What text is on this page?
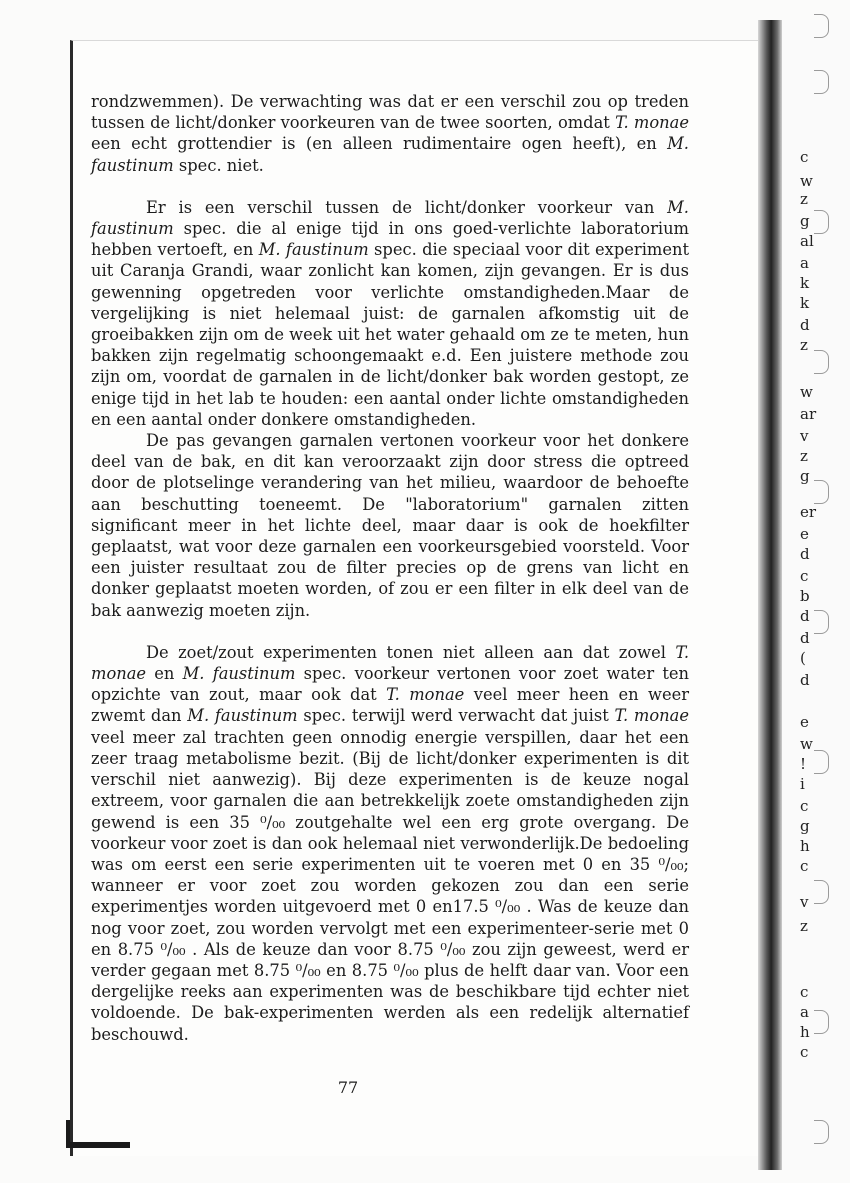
c
w
z
g
al
a
k
k
d
z
w
ar
v
z
g
er
e
d
c
b
d
d
(
d
e
w
!
i
c
g
h
c
v
z
c
a
h
c

rondzwemmen). De verwachting was dat er een verschil zou op treden tussen de licht/donker voorkeuren van de twee soorten, omdat T. monae een echt grottendier is (en alleen rudimentaire ogen heeft), en M. faustinum spec. niet.

Er is een verschil tussen de licht/donker voorkeur van M. faustinum spec. die al enige tijd in ons goed-verlichte laboratorium hebben vertoeft, en M. faustinum spec. die speciaal voor dit experiment uit Caranja Grandi, waar zonlicht kan komen, zijn gevangen. Er is dus gewenning opgetreden voor verlichte omstandigheden.Maar de vergelijking is niet helemaal juist: de garnalen afkomstig uit de groeibakken zijn om de week uit het water gehaald om ze te meten, hun bakken zijn regelmatig schoongemaakt e.d. Een juistere methode zou zijn om, voordat de garnalen in de licht/donker bak worden gestopt, ze enige tijd in het lab te houden: een aantal onder lichte omstandigheden en een aantal onder donkere omstandigheden.

De pas gevangen garnalen vertonen voorkeur voor het donkere deel van de bak, en dit kan veroorzaakt zijn door stress die optreed door de plotselinge verandering van het milieu, waardoor de behoefte aan beschutting toeneemt. De "laboratorium" garnalen zitten significant meer in het lichte deel, maar daar is ook de hoekfilter geplaatst, wat voor deze garnalen een voorkeursgebied voorsteld. Voor een juister resultaat zou de filter precies op de grens van licht en donker geplaatst moeten worden, of zou er een filter in elk deel van de bak aanwezig moeten zijn.

De zoet/zout experimenten tonen niet alleen aan dat zowel T. monae en M. faustinum spec. voorkeur vertonen voor zoet water ten opzichte van zout, maar ook dat T. monae veel meer heen en weer zwemt dan M. faustinum spec. terwijl werd verwacht dat juist T. monae veel meer zal trachten geen onnodig energie verspillen, daar het een zeer traag metabolisme bezit. (Bij de licht/donker experimenten is dit verschil niet aanwezig). Bij deze experimenten is de keuze nogal extreem, voor garnalen die aan betrekkelijk zoete omstandigheden zijn gewend is een 35 ⁰/₀₀ zoutgehalte wel een erg grote overgang. De voorkeur voor zoet is dan ook helemaal niet verwonderlijk.De bedoeling was om eerst een serie experimenten uit te voeren met 0 en 35 ⁰/₀₀; wanneer er voor zoet zou worden gekozen zou dan een serie experimentjes worden uitgevoerd met 0 en17.5 ⁰/₀₀ . Was de keuze dan nog voor zoet, zou worden vervolgt met een experimenteer-serie met 0 en 8.75 ⁰/₀₀ . Als de keuze dan voor 8.75 ⁰/₀₀ zou zijn geweest, werd er verder gegaan met 8.75 ⁰/₀₀ en 8.75 ⁰/₀₀ plus de helft daar van. Voor een dergelijke reeks aan experimenten was de beschikbare tijd echter niet voldoende. De bak-experimenten werden als een redelijk alternatief beschouwd.

77
